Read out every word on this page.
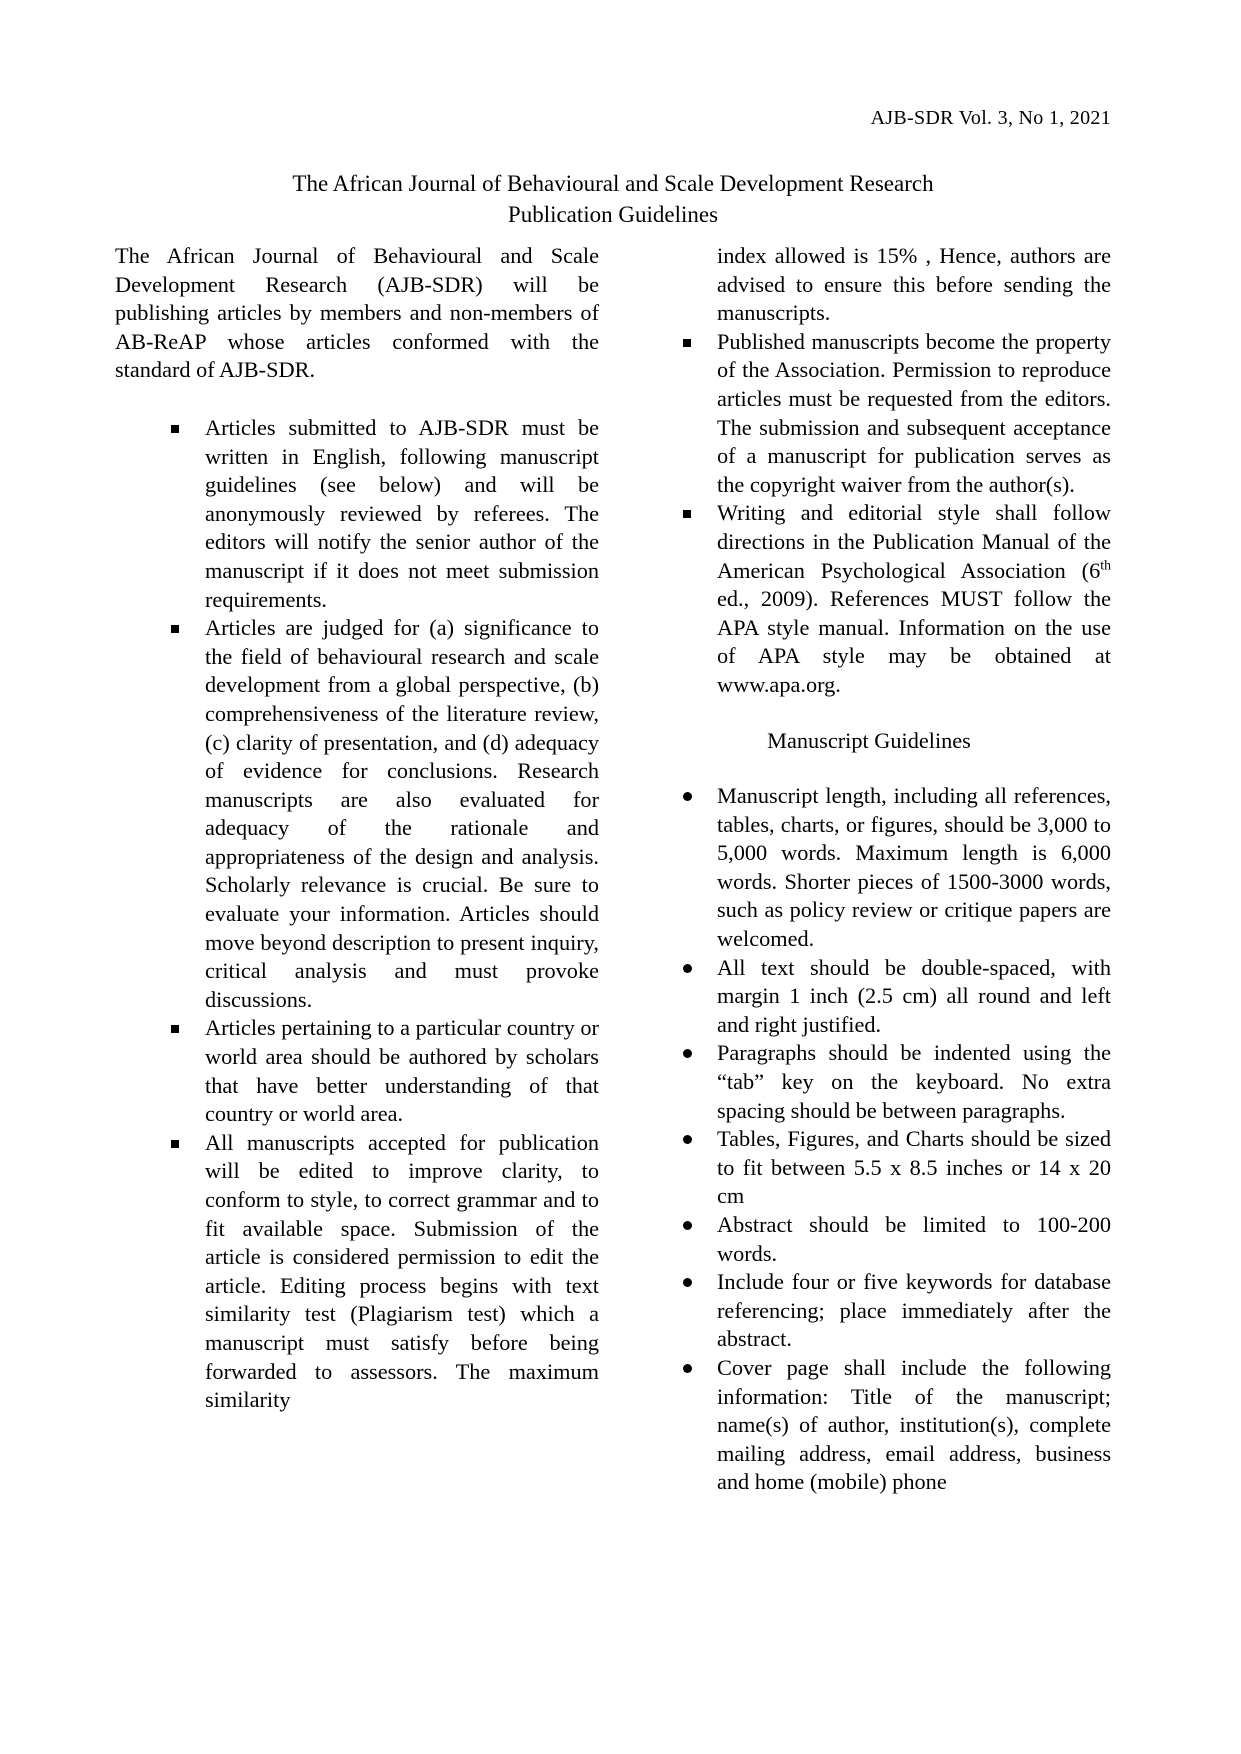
AJB-SDR Vol. 3, No 1, 2021
The African Journal of Behavioural and Scale Development Research
Publication Guidelines

The African Journal of Behavioural and Scale Development Research (AJB-SDR) will be publishing articles by members and non-members of AB-ReAP whose articles conformed with the standard of AJB-SDR.

Articles submitted to AJB-SDR must be written in English, following manuscript guidelines (see below) and will be anonymously reviewed by referees. The editors will notify the senior author of the manuscript if it does not meet submission requirements.
Articles are judged for (a) significance to the field of behavioural research and scale development from a global perspective, (b) comprehensiveness of the literature review, (c) clarity of presentation, and (d) adequacy of evidence for conclusions. Research manuscripts are also evaluated for adequacy of the rationale and appropriateness of the design and analysis. Scholarly relevance is crucial. Be sure to evaluate your information. Articles should move beyond description to present inquiry, critical analysis and must provoke discussions.
Articles pertaining to a particular country or world area should be authored by scholars that have better understanding of that country or world area.
All manuscripts accepted for publication will be edited to improve clarity, to conform to style, to correct grammar and to fit available space. Submission of the article is considered permission to edit the article. Editing process begins with text similarity test (Plagiarism test) which a manuscript must satisfy before being forwarded to assessors. The maximum similarity

index allowed is 15% , Hence, authors are advised to ensure this before sending the manuscripts.

Published manuscripts become the property of the Association. Permission to reproduce articles must be requested from the editors. The submission and subsequent acceptance of a manuscript for publication serves as the copyright waiver from the author(s).
Writing and editorial style shall follow directions in the Publication Manual of the American Psychological Association (6th ed., 2009). References MUST follow the APA style manual. Information on the use of APA style may be obtained at www.apa.org.
Manuscript Guidelines
Manuscript length, including all references, tables, charts, or figures, should be 3,000 to 5,000 words. Maximum length is 6,000 words. Shorter pieces of 1500-3000 words, such as policy review or critique papers are welcomed.
All text should be double-spaced, with margin 1 inch (2.5 cm) all round and left and right justified.
Paragraphs should be indented using the “tab” key on the keyboard. No extra spacing should be between paragraphs.
Tables, Figures, and Charts should be sized to fit between 5.5 x 8.5 inches or 14 x 20 cm
Abstract should be limited to 100-200 words.
Include four or five keywords for database referencing; place immediately after the abstract.
Cover page shall include the following information: Title of the manuscript; name(s) of author, institution(s), complete mailing address, email address, business and home (mobile) phone
